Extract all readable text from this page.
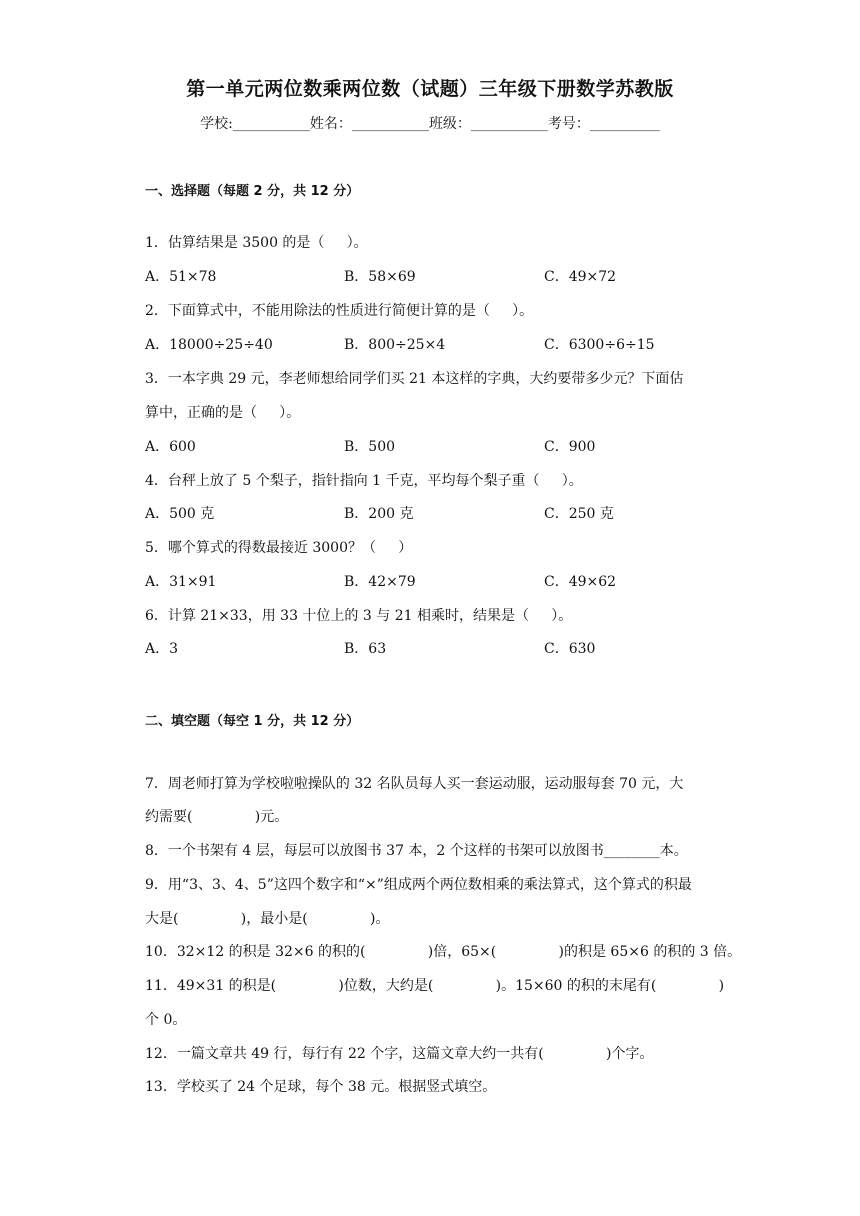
第一单元两位数乘两位数（试题）三年级下册数学苏教版
学校:___________姓名：___________班级：___________考号：__________
一、选择题（每题 2 分，共 12 分）
1．估算结果是 3500 的是（     ）。
A．51×78	B．58×69	C．49×72
2．下面算式中，不能用除法的性质进行简便计算的是（     ）。
A．18000÷25÷40	B．800÷25×4	C．6300÷6÷15
3．一本字典 29 元，李老师想给同学们买 21 本这样的字典，大约要带多少元？下面估
算中，正确的是（     ）。
A．600	B．500	C．900
4．台秤上放了 5 个梨子，指针指向 1 千克，平均每个梨子重（     ）。
A．500 克	B．200 克	C．250 克
5．哪个算式的得数最接近 3000？（     ）
A．31×91	B．42×79	C．49×62
6．计算 21×33，用 33 十位上的 3 与 21 相乘时，结果是（     ）。
A．3	B．63	C．630
二、填空题（每空 1 分，共 12 分）
7．周老师打算为学校啦啦操队的 32 名队员每人买一套运动服，运动服每套 70 元，大
约需要(              )元。
8．一个书架有 4 层，每层可以放图书 37 本，2 个这样的书架可以放图书________本。
9．用“3、3、4、5”这四个数字和“×”组成两个两位数相乘的乘法算式，这个算式的积最
大是(              )，最小是(              )。
10．32×12 的积是 32×6 的积的(              )倍，65×(              )的积是 65×6 的积的 3 倍。
11．49×31 的积是(              )位数，大约是(              )。15×60 的积的末尾有(              )
个 0。
12．一篇文章共 49 行，每行有 22 个字，这篇文章大约一共有(              )个字。
13．学校买了 24 个足球，每个 38 元。根据竖式填空。
